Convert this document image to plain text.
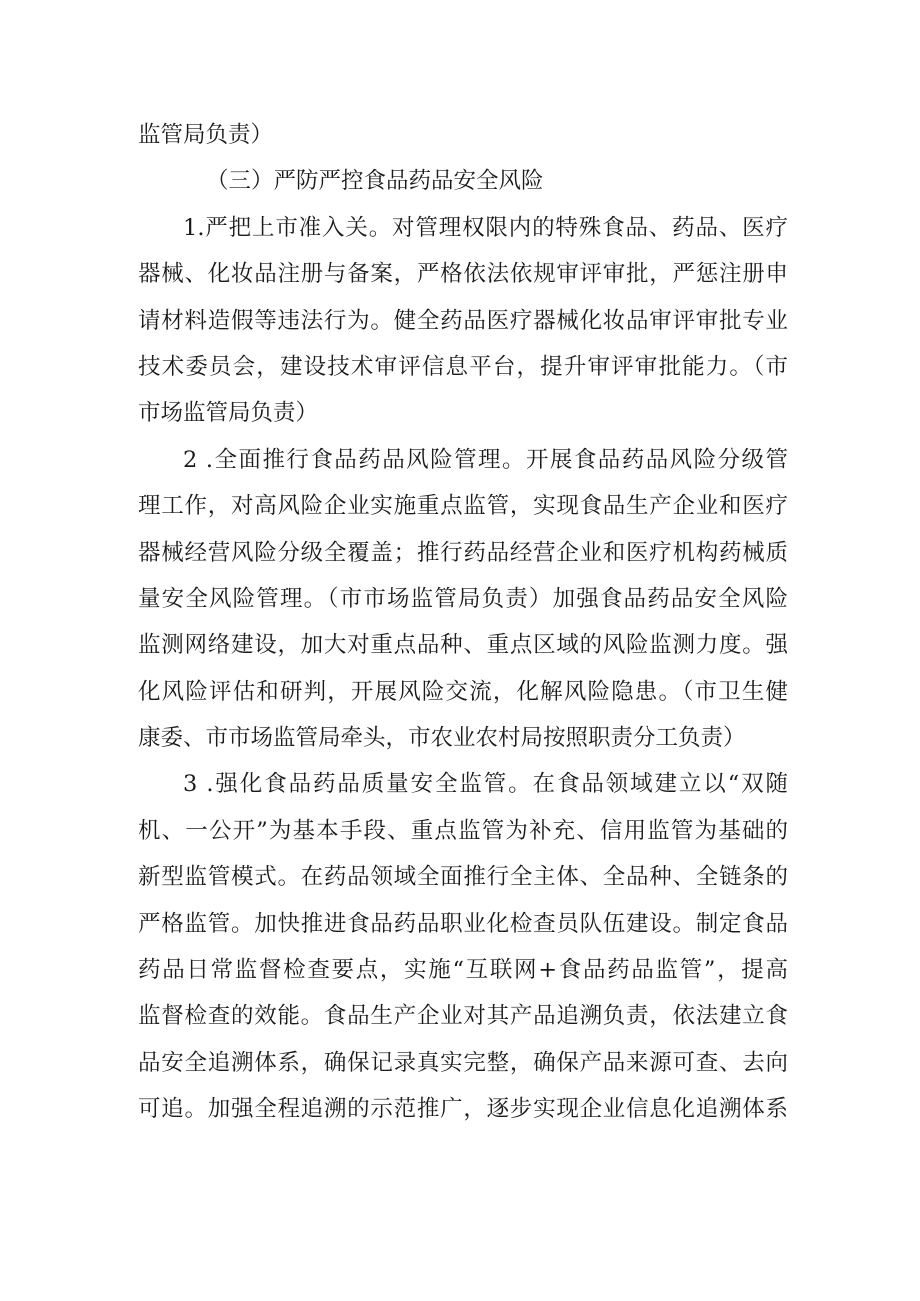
监管局负责）
（三）严防严控食品药品安全风险
1.严把上市准入关。对管理权限内的特殊食品、药品、医疗
器械、化妆品注册与备案，严格依法依规审评审批，严惩注册申
请材料造假等违法行为。健全药品医疗器械化妆品审评审批专业
技术委员会，建设技术审评信息平台，提升审评审批能力。（市
市场监管局负责）
2 .全面推行食品药品风险管理。开展食品药品风险分级管
理工作，对高风险企业实施重点监管，实现食品生产企业和医疗
器械经营风险分级全覆盖；推行药品经营企业和医疗机构药械质
量安全风险管理。（市市场监管局负责）加强食品药品安全风险
监测网络建设，加大对重点品种、重点区域的风险监测力度。强
化风险评估和研判，开展风险交流，化解风险隐患。（市卫生健
康委、市市场监管局牵头，市农业农村局按照职责分工负责）
3 .强化食品药品质量安全监管。在食品领域建立以“双随
机、一公开”为基本手段、重点监管为补充、信用监管为基础的
新型监管模式。在药品领域全面推行全主体、全品种、全链条的
严格监管。加快推进食品药品职业化检查员队伍建设。制定食品
药品日常监督检查要点，实施“互联网+食品药品监管”，提高
监督检查的效能。食品生产企业对其产品追溯负责，依法建立食
品安全追溯体系，确保记录真实完整，确保产品来源可查、去向
可追。加强全程追溯的示范推广，逐步实现企业信息化追溯体系
